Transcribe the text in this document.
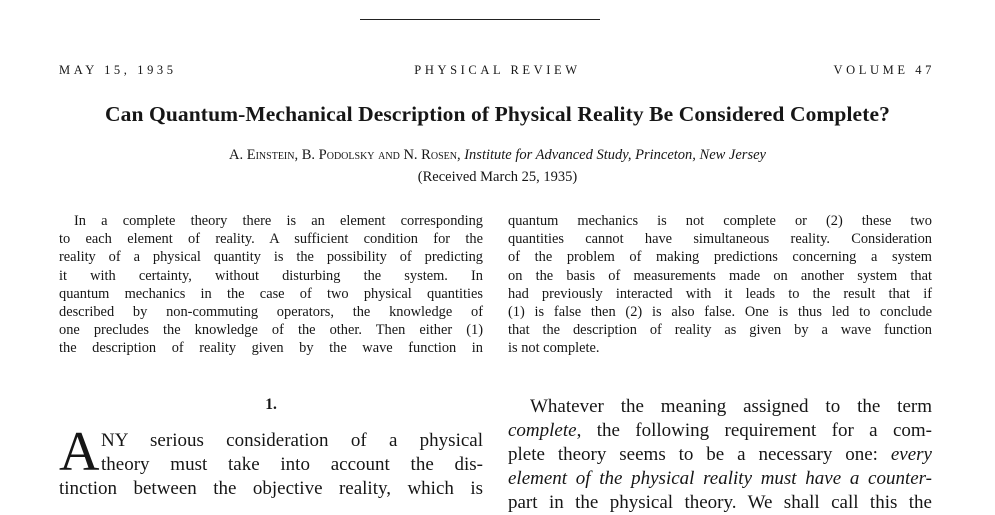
MAY 15, 1935	PHYSICAL REVIEW	VOLUME 47
Can Quantum-Mechanical Description of Physical Reality Be Considered Complete?
A. Einstein, B. Podolsky and N. Rosen, Institute for Advanced Study, Princeton, New Jersey
(Received March 25, 1935)
In a complete theory there is an element corresponding
to each element of reality. A sufficient condition for the
reality of a physical quantity is the possibility of predicting
it with certainty, without disturbing the system. In
quantum mechanics in the case of two physical quantities
described by non-commuting operators, the knowledge of
one precludes the knowledge of the other. Then either (1)
the description of reality given by the wave function in
quantum mechanics is not complete or (2) these two
quantities cannot have simultaneous reality. Consideration
of the problem of making predictions concerning a system
on the basis of measurements made on another system that
had previously interacted with it leads to the result that if
(1) is false then (2) is also false. One is thus led to conclude
that the description of reality as given by a wave function
is not complete.
1.
A NY serious consideration of a physical
theory must take into account the dis-
tinction between the objective reality, which is
Whatever the meaning assigned to the term
complete, the following requirement for a com-
plete theory seems to be a necessary one: every
element of the physical reality must have a counter-
part in the physical theory. We shall call this the
